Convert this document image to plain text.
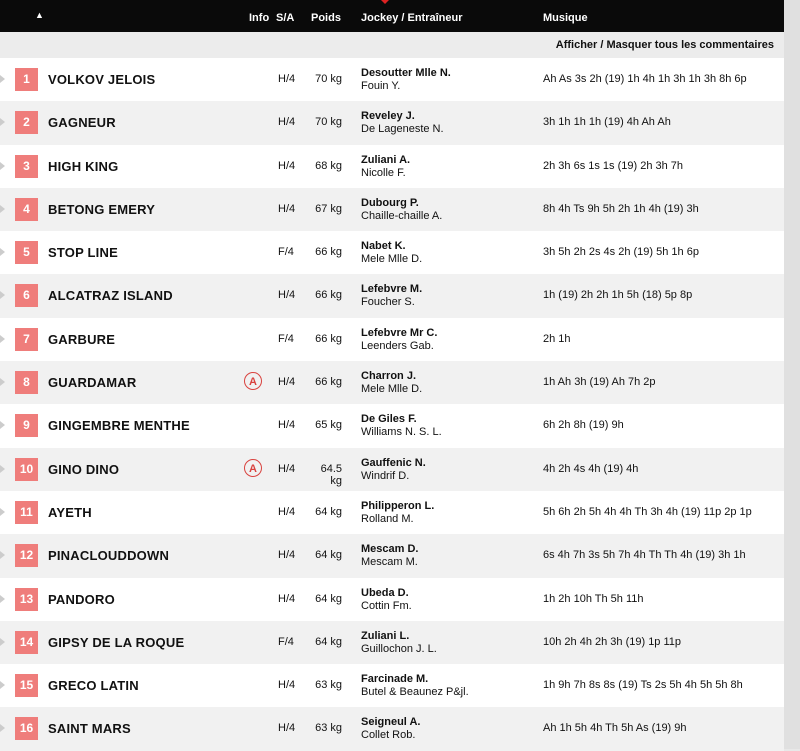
▲	Info S/A Poids Jockey / Entraîneur	Musique
Afficher / Masquer tous les commentaires
1	VOLKOV JELOIS	H/4	70 kg Desoutter Mlle N.
Fouin Y.
Ah As 3s 2h (19) 1h 4h 1h 3h 1h 3h 8h 6p
2	GAGNEUR	H/4	70 kg Reveley J.
De Lageneste N.
3h 1h 1h 1h (19) 4h Ah Ah
3	HIGH KING	H/4	68 kg Zuliani A.
Nicolle F.
2h 3h 6s 1s 1s (19) 2h 3h 7h
4	BETONG EMERY	H/4	67 kg Dubourg P.
Chaille-chaille A.
8h 4h Ts 9h 5h 2h 1h 4h (19) 3h
5	STOP LINE	F/4	66 kg Nabet K.
Mele Mlle D.
3h 5h 2h 2s 4s 2h (19) 5h 1h 6p
6	ALCATRAZ ISLAND	H/4	66 kg Lefebvre M.
Foucher S.
1h (19) 2h 2h 1h 5h (18) 5p 8p
7	GARBURE	F/4	66 kg Lefebvre Mr C.
Leenders Gab.
2h 1h
8	GUARDAMAR	A	H/4	66 kg Charron J.
Mele Mlle D.
1h Ah 3h (19) Ah 7h 2p
9	GINGEMBRE MENTHE	H/4	65 kg De Giles F.
Williams N. S. L.
6h 2h 8h (19) 9h
10	GINO DINO	A	H/4	64.5 kg
Gauffenic N.
Windrif D.
4h 2h 4s 4h (19) 4h
11	AYETH	H/4	64 kg Philipperon L.
Rolland M.
5h 6h 2h 5h 4h 4h Th 3h 4h (19) 11p 2p 1p
12	PINACLOUDDOWN	H/4	64 kg Mescam D.
Mescam M.
6s 4h 7h 3s 5h 7h 4h Th Th 4h (19) 3h 1h
13	PANDORO	H/4	64 kg Ubeda D.
Cottin Fm.
1h 2h 10h Th 5h 11h
14	GIPSY DE LA ROQUE	F/4	64 kg Zuliani L.
Guillochon J. L.
10h 2h 4h 2h 3h (19) 1p 11p
15	GRECO LATIN	H/4	63 kg Farcinade M.
Butel & Beaunez P&jl.
1h 9h 7h 8s 8s (19) Ts 2s 5h 4h 5h 5h 8h
16	SAINT MARS	H/4	63 kg Seigneul A.
Collet Rob.
Ah 1h 5h 4h Th 5h As (19) 9h
